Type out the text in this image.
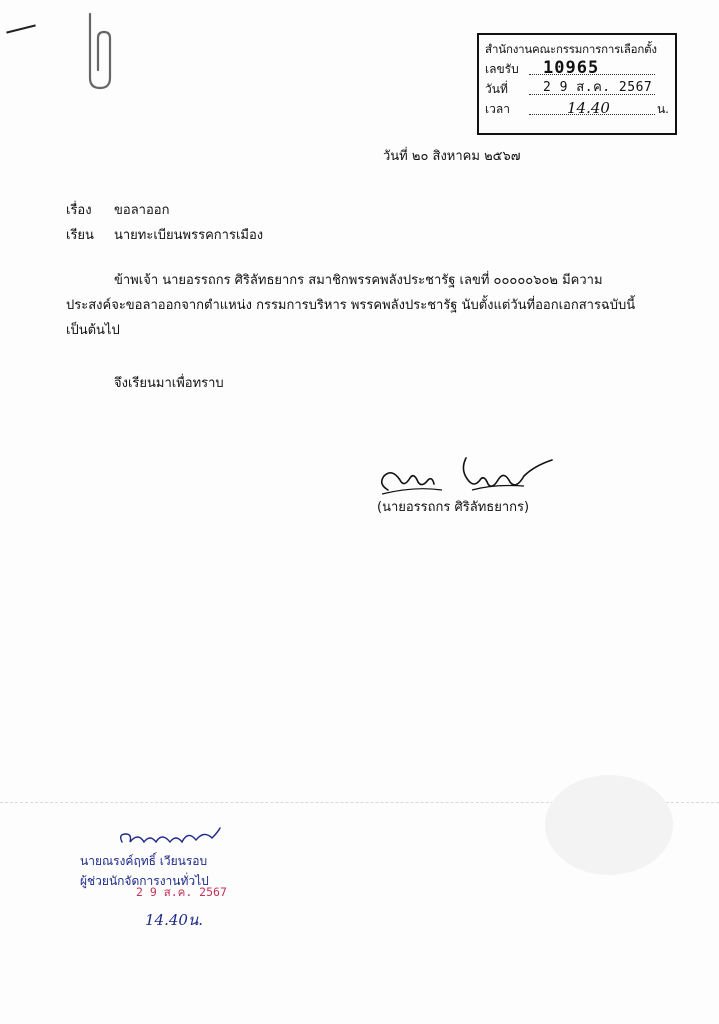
สำนักงานคณะกรรมการการเลือกตั้ง
เลขรับ 10965
วันที่	2 9 ส.ค. 2567
เวลา	14.40	น.
วันที่ ๒๐ สิงหาคม ๒๕๖๗
เรื่อง ขอลาออก
เรียน นายทะเบียนพรรคการเมือง
ข้าพเจ้า นายอรรถกร ศิริลัทธยากร สมาชิกพรรคพลังประชารัฐ เลขที่ ๐๐๐๐๐๖๐๒ มีความ
ประสงค์จะขอลาออกจากตำแหน่ง กรรมการบริหาร พรรคพลังประชารัฐ นับตั้งแต่วันที่ออกเอกสารฉบับนี้
เป็นต้นไป
จึงเรียนมาเพื่อทราบ
(นายอรรถกร ศิริลัทธยากร)
นายณรงค์ฤทธิ์ เวียนรอบ
ผู้ช่วยนักจัดการงานทั่วไป
2 9 ส.ค. 2567
14.40น.
